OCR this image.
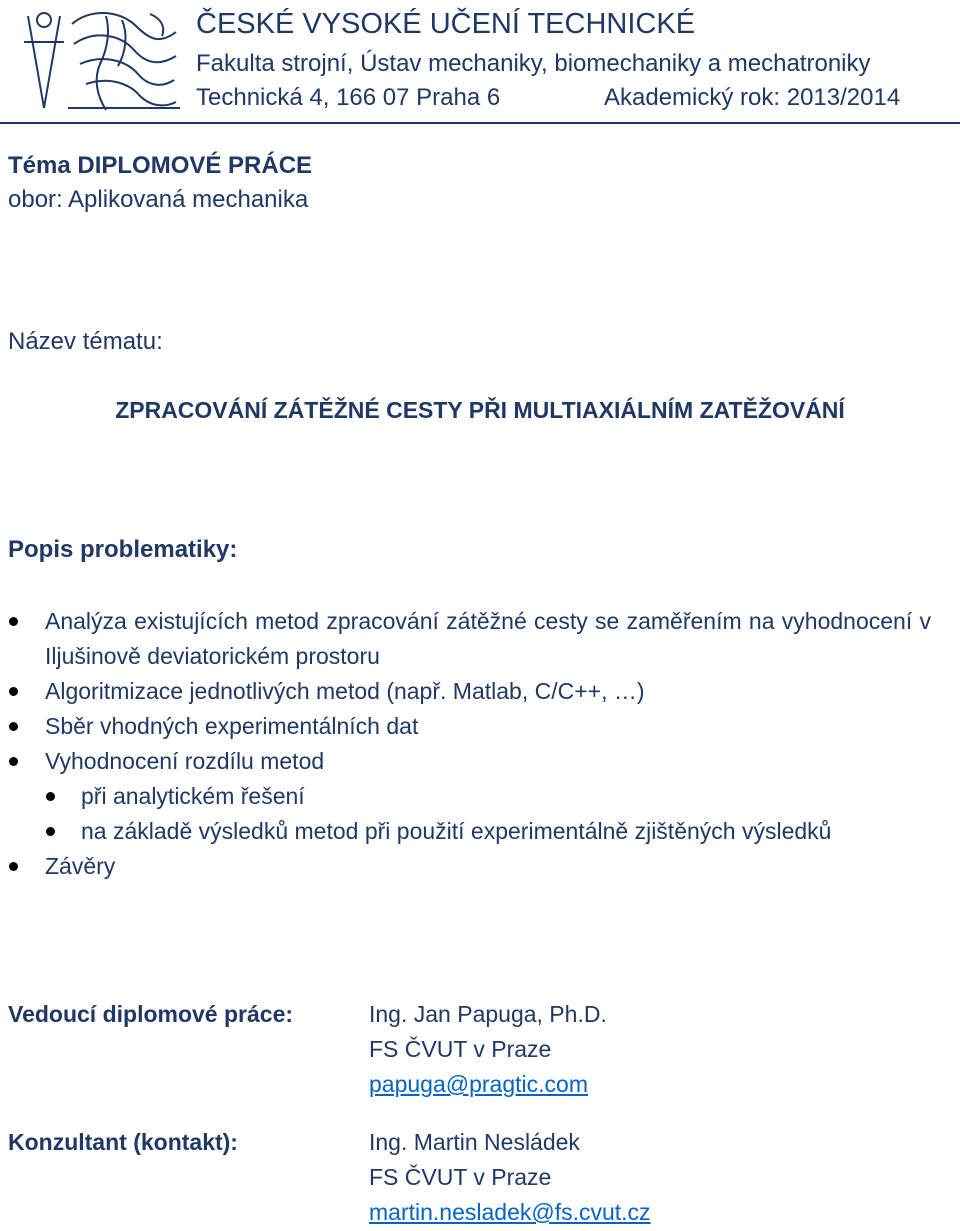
ČESKÉ VYSOKÉ UČENÍ TECHNICKÉ
Fakulta strojní, Ústav mechaniky, biomechaniky a mechatroniky
Technická 4, 166 07 Praha 6	Akademický rok: 2013/2014
Téma DIPLOMOVÉ PRÁCE
obor: Aplikovaná mechanika
Název tématu:
ZPRACOVÁNÍ ZÁTĚŽNÉ CESTY PŘI MULTIAXIÁLNÍM ZATĚŽOVÁNÍ
Popis problematiky:
Analýza existujících metod zpracování zátěžné cesty se zaměřením na vyhodnocení v Iljušinově deviatorickém prostoru
Algoritmizace jednotlivých metod (např. Matlab, C/C++, …)
Sběr vhodných experimentálních dat
Vyhodnocení rozdílu metod
při analytickém řešení
na základě výsledků metod při použití experimentálně zjištěných výsledků
Závěry
Vedoucí diplomové práce:	Ing. Jan Papuga, Ph.D.
FS ČVUT v Praze
papuga@pragtic.com
Konzultant (kontakt):	Ing. Martin Nesládek
FS ČVUT v Praze
martin.nesladek@fs.cvut.cz
